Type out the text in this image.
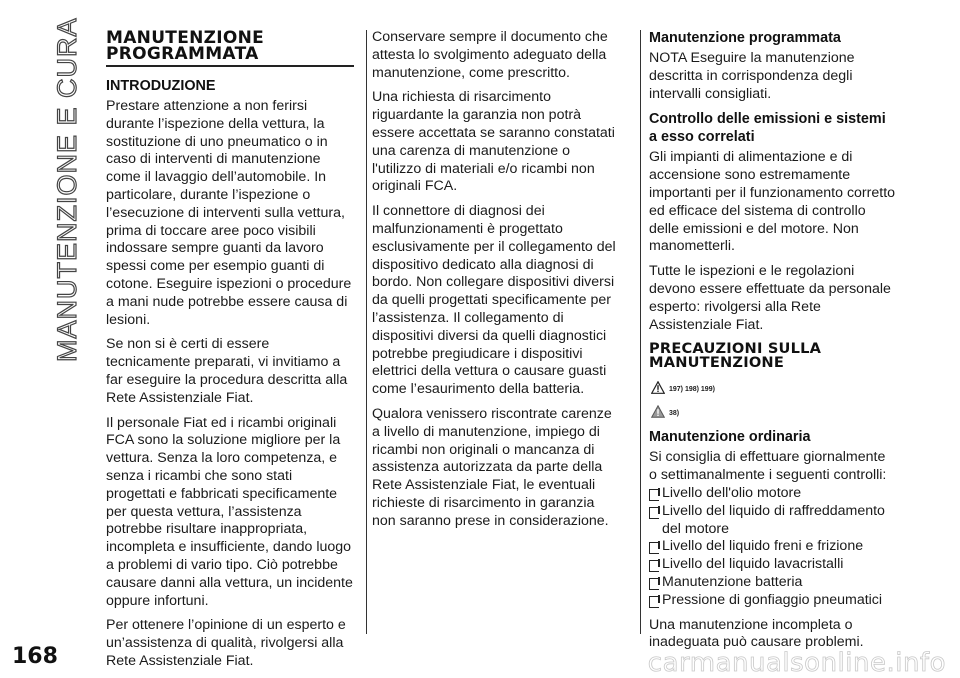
MANUTENZIONE E CURA MANUTENZIONE PROGRAMMATA
INTRODUZIONE

Prestare attenzione a non ferirsi durante l’ispezione della vettura, la sostituzione di uno pneumatico o in caso di interventi di manutenzione come il lavaggio dell’automobile. In particolare, durante l’ispezione o l’esecuzione di interventi sulla vettura, prima di toccare aree poco visibili indossare sempre guanti da lavoro spessi come per esempio guanti di cotone. Eseguire ispezioni o procedure a mani nude potrebbe essere causa di lesioni.

Se non si è certi di essere tecnicamente preparati, vi invitiamo a far eseguire la procedura descritta alla Rete Assistenziale Fiat.

Il personale Fiat ed i ricambi originali FCA sono la soluzione migliore per la vettura. Senza la loro competenza, e senza i ricambi che sono stati progettati e fabbricati specificamente per questa vettura, l’assistenza potrebbe risultare inappropriata, incompleta e insufficiente, dando luogo a problemi di vario tipo. Ciò potrebbe causare danni alla vettura, un incidente oppure infortuni.

Per ottenere l’opinione di un esperto e un’assistenza di qualità, rivolgersi alla Rete Assistenziale Fiat.

Conservare sempre il documento che attesta lo svolgimento adeguato della manutenzione, come prescritto.

Una richiesta di risarcimento riguardante la garanzia non potrà essere accettata se saranno constatati una carenza di manutenzione o l'utilizzo di materiali e/o ricambi non originali FCA.

Il connettore di diagnosi dei malfunzionamenti è progettato esclusivamente per il collegamento del dispositivo dedicato alla diagnosi di bordo. Non collegare dispositivi diversi da quelli progettati specificamente per l’assistenza. Il collegamento di dispositivi diversi da quelli diagnostici potrebbe pregiudicare i dispositivi elettrici della vettura o causare guasti come l’esaurimento della batteria.

Qualora venissero riscontrate carenze a livello di manutenzione, impiego di ricambi non originali o mancanza di assistenza autorizzata da parte della Rete Assistenziale Fiat, le eventuali richieste di risarcimento in garanzia non saranno prese in considerazione.

Manutenzione programmata

NOTA Eseguire la manutenzione descritta in corrispondenza degli intervalli consigliati.

Controllo delle emissioni e sistemi a esso correlati

Gli impianti di alimentazione e di accensione sono estremamente importanti per il funzionamento corretto ed efficace del sistema di controllo delle emissioni e del motore. Non manometterli.

Tutte le ispezioni e le regolazioni devono essere effettuate da personale esperto: rivolgersi alla Rete Assistenziale Fiat.

PRECAUZIONI SULLA MANUTENZIONE
197) 198) 199)
38)
Manutenzione ordinaria

Si consiglia di effettuare giornalmente o settimanalmente i seguenti controlli:

Livello dell'olio motore
Livello del liquido di raffreddamento del motore
Livello del liquido freni e frizione
Livello del liquido lavacristalli
Manutenzione batteria
Pressione di gonfiaggio pneumatici

Una manutenzione incompleta o inadeguata può causare problemi.

168	carmanualsonline.info
